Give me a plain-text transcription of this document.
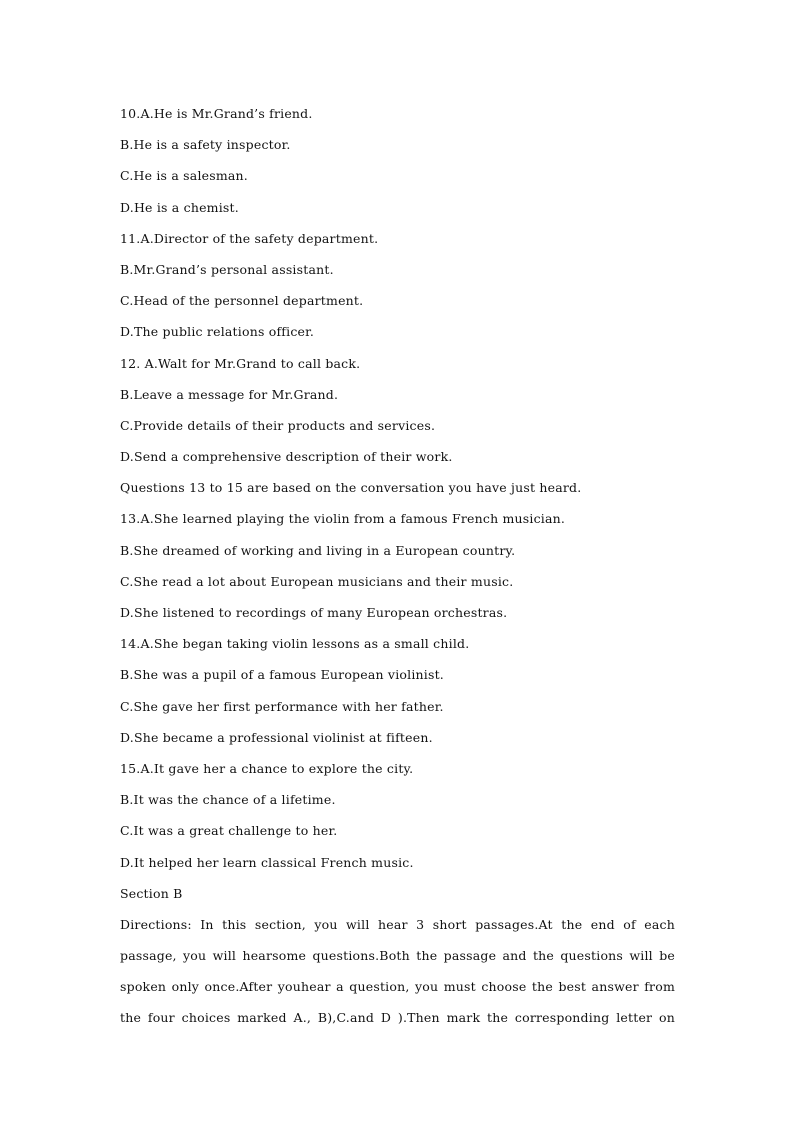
10.A.He is Mr.Grand’s friend.
B.He is a safety inspector.
C.He is a salesman.
D.He is a chemist.
11.A.Director of the safety department.
B.Mr.Grand’s personal assistant.
C.Head of the personnel department.
D.The public relations officer.
12. A.Walt for Mr.Grand to call back.
B.Leave a message for Mr.Grand.
C.Provide details of their products and services.
D.Send a comprehensive description of their work.
Questions 13 to 15 are based on the conversation you have just heard.
13.A.She learned playing the violin from a famous French musician.
B.She dreamed of working and living in a European country.
C.She read a lot about European musicians and their music.
D.She listened to recordings of many European orchestras.
14.A.She began taking violin lessons as a small child.
B.She was a pupil of a famous European violinist.
C.She gave her first performance with her father.
D.She became a professional violinist at fifteen.
15.A.It gave her a chance to explore the city.
B.It was the chance of a lifetime.
C.It was a great challenge to her.
D.It helped her learn classical French music.
Section B
Directions: In this section, you will hear 3 short passages.At the end of each
passage, you will hearsome questions.Both the passage and the questions will be
spoken only once.After youhear a question, you must choose the best answer from
the four choices marked A., B),C.and D ).Then mark the corresponding letter on
